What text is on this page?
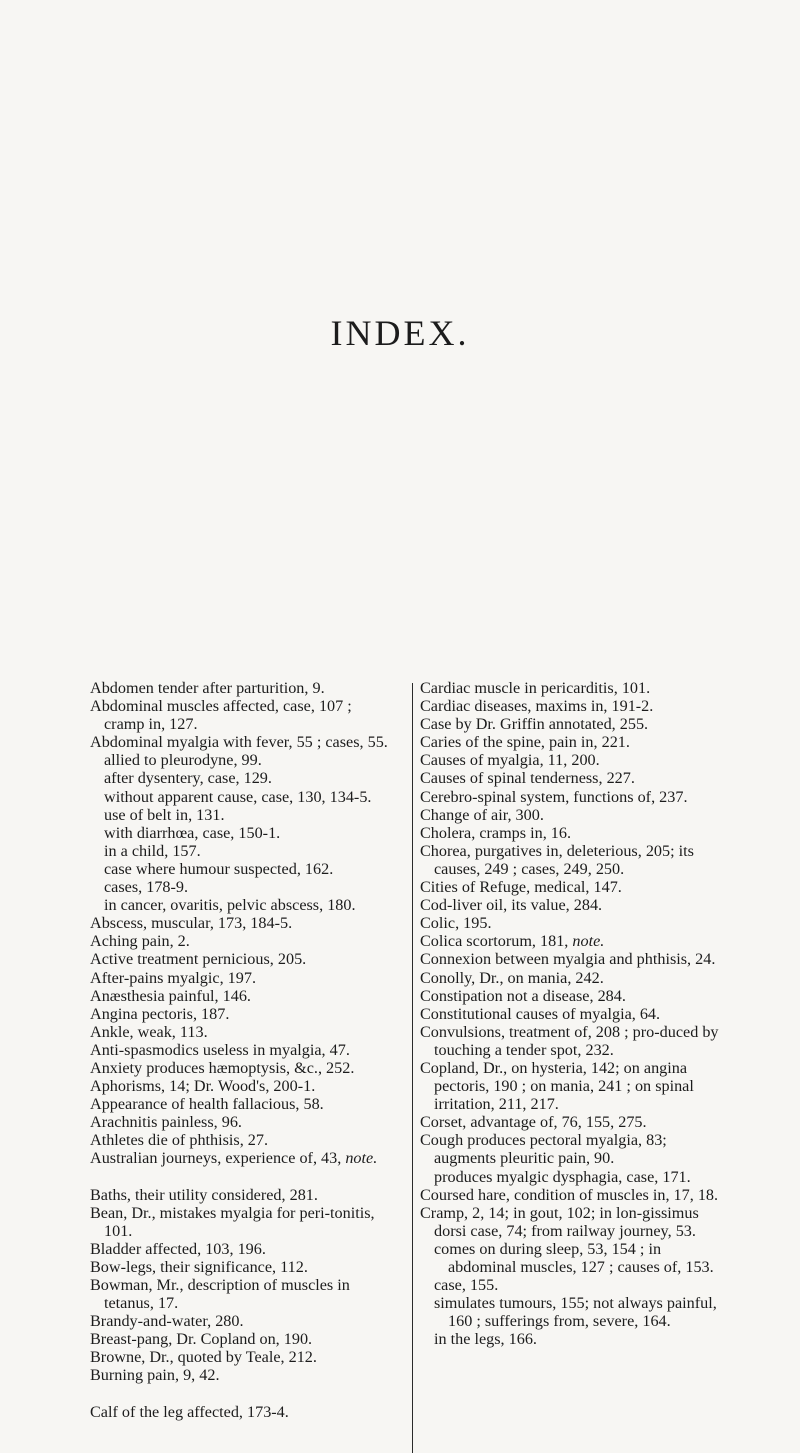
INDEX.

Abdomen tender after parturition, 9.

Abdominal muscles affected, case, 107 ; cramp in, 127.

Abdominal myalgia with fever, 55 ; cases, 55.

allied to pleurodyne, 99.

after dysentery, case, 129.

without apparent cause, case, 130, 134-5.

use of belt in, 131.

with diarrhœa, case, 150-1.

in a child, 157.

case where humour suspected, 162.

cases, 178-9.

in cancer, ovaritis, pelvic abscess, 180.

Abscess, muscular, 173, 184-5.

Aching pain, 2.

Active treatment pernicious, 205.

After-pains myalgic, 197.

Anæsthesia painful, 146.

Angina pectoris, 187.

Ankle, weak, 113.

Anti-spasmodics useless in myalgia, 47.

Anxiety produces hæmoptysis, &c., 252.

Aphorisms, 14; Dr. Wood's, 200-1.

Appearance of health fallacious, 58.

Arachnitis painless, 96.

Athletes die of phthisis, 27.

Australian journeys, experience of, 43, note.

Baths, their utility considered, 281.

Bean, Dr., mistakes myalgia for peri-tonitis, 101.

Bladder affected, 103, 196.

Bow-legs, their significance, 112.

Bowman, Mr., description of muscles in tetanus, 17.

Brandy-and-water, 280.

Breast-pang, Dr. Copland on, 190.

Browne, Dr., quoted by Teale, 212.

Burning pain, 9, 42.

Calf of the leg affected, 173-4.

Cardiac muscle in pericarditis, 101.

Cardiac diseases, maxims in, 191-2.

Case by Dr. Griffin annotated, 255.

Caries of the spine, pain in, 221.

Causes of myalgia, 11, 200.

Causes of spinal tenderness, 227.

Cerebro-spinal system, functions of, 237.

Change of air, 300.

Cholera, cramps in, 16.

Chorea, purgatives in, deleterious, 205; its causes, 249 ; cases, 249, 250.

Cities of Refuge, medical, 147.

Cod-liver oil, its value, 284.

Colic, 195.

Colica scortorum, 181, note.

Connexion between myalgia and phthisis, 24.

Conolly, Dr., on mania, 242.

Constipation not a disease, 284.

Constitutional causes of myalgia, 64.

Convulsions, treatment of, 208 ; pro-duced by touching a tender spot, 232.

Copland, Dr., on hysteria, 142; on angina pectoris, 190 ; on mania, 241 ; on spinal irritation, 211, 217.

Corset, advantage of, 76, 155, 275.

Cough produces pectoral myalgia, 83; augments pleuritic pain, 90.

produces myalgic dysphagia, case, 171.

Coursed hare, condition of muscles in, 17, 18.

Cramp, 2, 14; in gout, 102; in lon-gissimus dorsi case, 74; from railway journey, 53.

comes on during sleep, 53, 154 ; in abdominal muscles, 127 ; causes of, 153.

case, 155.

simulates tumours, 155; not always painful, 160 ; sufferings from, severe, 164.

in the legs, 166.
